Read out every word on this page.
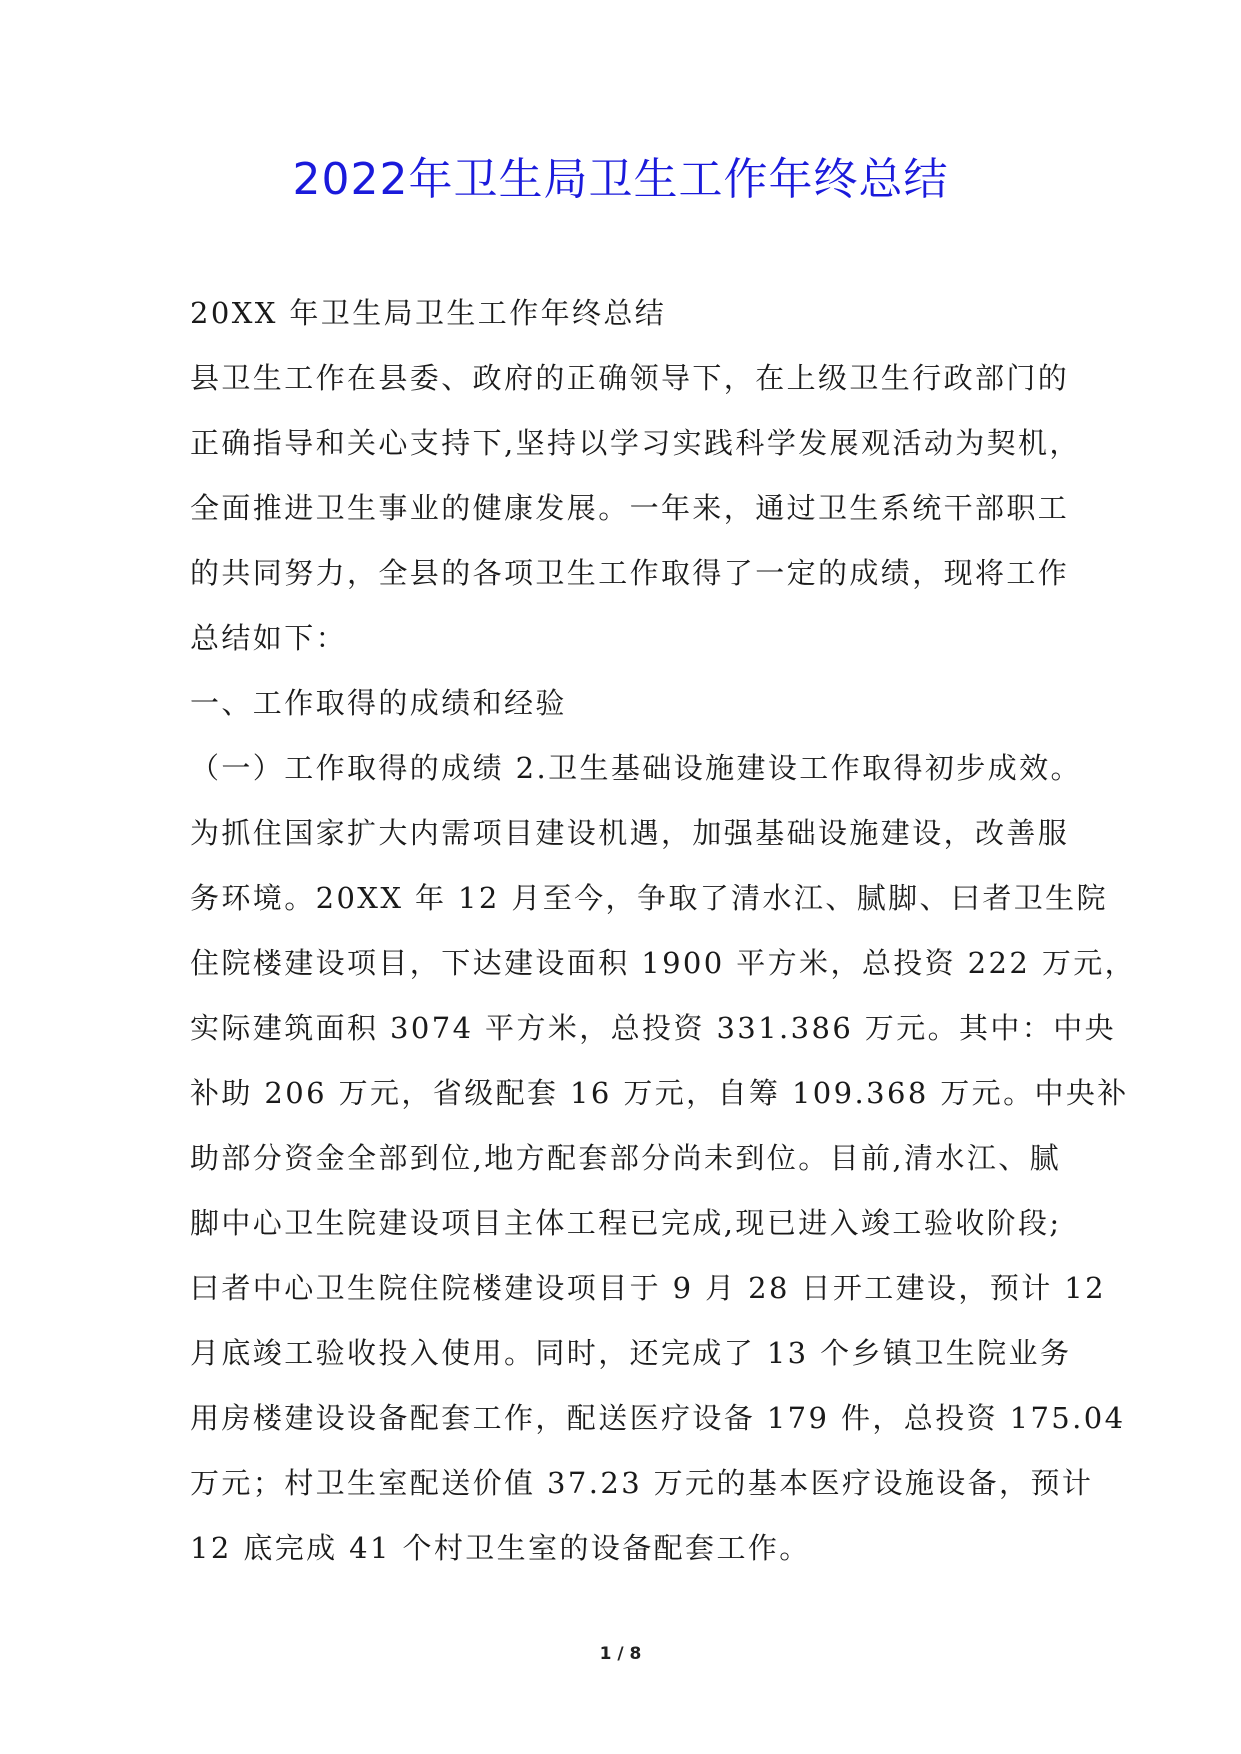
2022年卫生局卫生工作年终总结
20XX 年卫生局卫生工作年终总结
县卫生工作在县委、政府的正确领导下，在上级卫生行政部门的
正确指导和关心支持下,坚持以学习实践科学发展观活动为契机，
全面推进卫生事业的健康发展。一年来，通过卫生系统干部职工
的共同努力，全县的各项卫生工作取得了一定的成绩，现将工作
总结如下：
一、工作取得的成绩和经验
（一）工作取得的成绩 2.卫生基础设施建设工作取得初步成效。
为抓住国家扩大内需项目建设机遇，加强基础设施建设，改善服
务环境。20XX 年 12 月至今，争取了清水江、腻脚、曰者卫生院
住院楼建设项目，下达建设面积 1900 平方米，总投资 222 万元，
实际建筑面积 3074 平方米，总投资 331.386 万元。其中：中央
补助 206 万元，省级配套 16 万元，自筹 109.368 万元。中央补
助部分资金全部到位,地方配套部分尚未到位。目前,清水江、腻
脚中心卫生院建设项目主体工程已完成,现已进入竣工验收阶段;
曰者中心卫生院住院楼建设项目于 9 月 28 日开工建设，预计 12
月底竣工验收投入使用。同时，还完成了 13 个乡镇卫生院业务
用房楼建设设备配套工作，配送医疗设备 179 件，总投资 175.04
万元；村卫生室配送价值 37.23 万元的基本医疗设施设备，预计
12 底完成 41 个村卫生室的设备配套工作。
1 / 8
